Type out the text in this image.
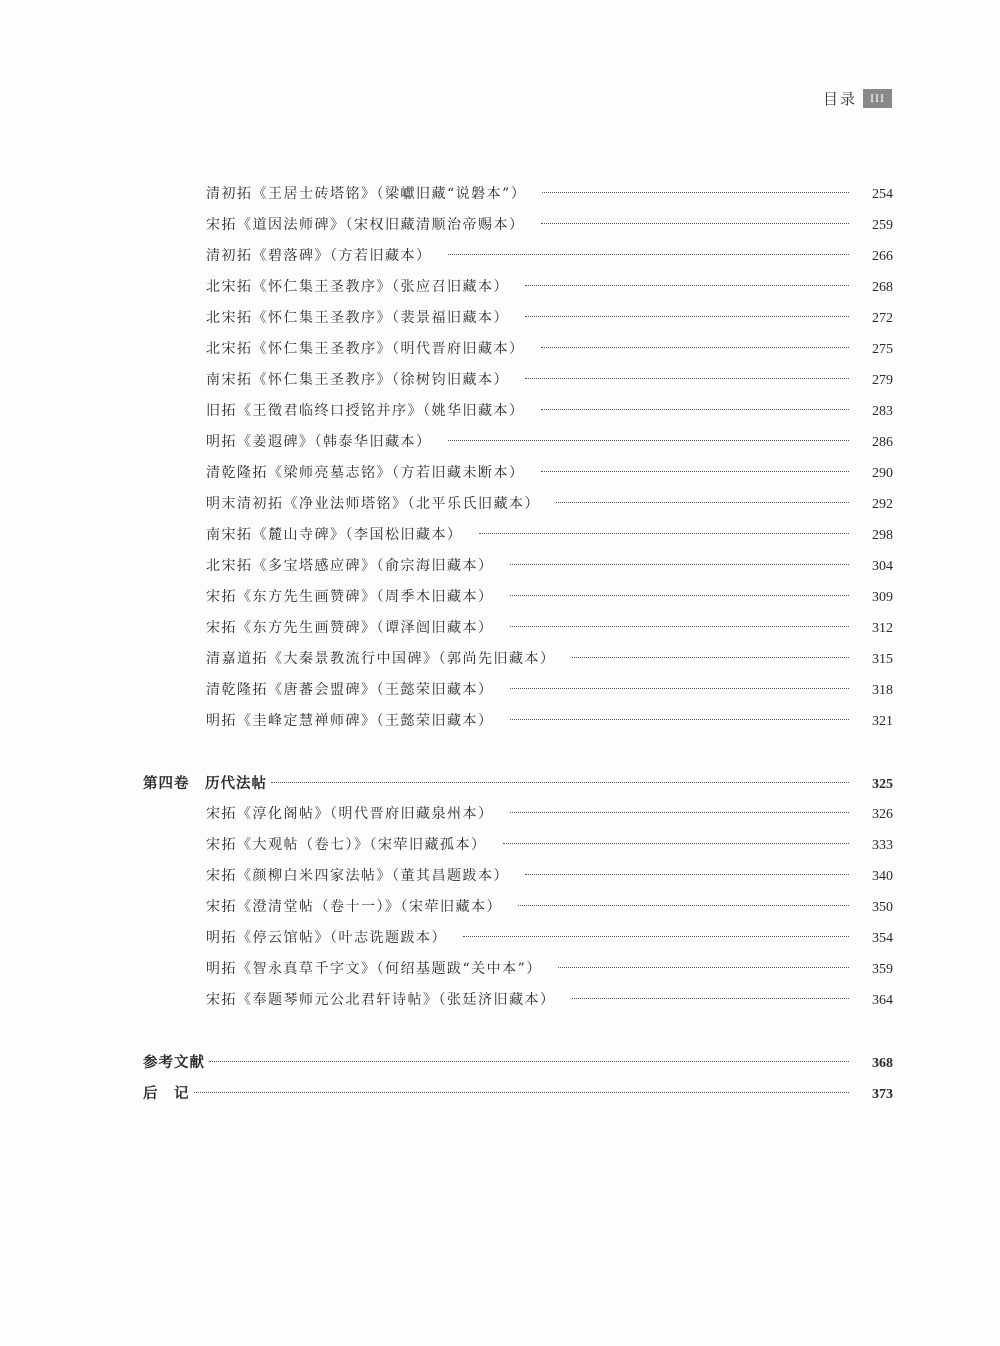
目录	III
清初拓《王居士砖塔铭》（梁巘旧藏“说磐本”）	254
宋拓《道因法师碑》（宋权旧藏清顺治帝赐本）	259
清初拓《碧落碑》（方若旧藏本）	266
北宋拓《怀仁集王圣教序》（张应召旧藏本）	268
北宋拓《怀仁集王圣教序》（裴景福旧藏本）	272
北宋拓《怀仁集王圣教序》（明代晋府旧藏本）	275
南宋拓《怀仁集王圣教序》（徐树钧旧藏本）	279
旧拓《王徵君临终口授铭并序》（姚华旧藏本）	283
明拓《姜遐碑》（韩泰华旧藏本）	286
清乾隆拓《梁师亮墓志铭》（方若旧藏未断本）	290
明末清初拓《净业法师塔铭》（北平乐氏旧藏本）	292
南宋拓《麓山寺碑》（李国松旧藏本）	298
北宋拓《多宝塔感应碑》（俞宗海旧藏本）	304
宋拓《东方先生画赞碑》（周季木旧藏本）	309
宋拓《东方先生画赞碑》（谭泽闿旧藏本）	312
清嘉道拓《大秦景教流行中国碑》（郭尚先旧藏本）	315
清乾隆拓《唐蕃会盟碑》（王懿荣旧藏本）	318
明拓《圭峰定慧禅师碑》（王懿荣旧藏本）	321
第四卷　历代法帖	325
宋拓《淳化阁帖》（明代晋府旧藏泉州本）	326
宋拓《大观帖（卷七）》（宋荦旧藏孤本）	333
宋拓《颜柳白米四家法帖》（董其昌题跋本）	340
宋拓《澄清堂帖（卷十一）》（宋荦旧藏本）	350
明拓《停云馆帖》（叶志诜题跋本）	354
明拓《智永真草千字文》（何绍基题跋“关中本”）	359
宋拓《奉题琴师元公北君轩诗帖》（张廷济旧藏本）	364
参考文献	368
后　记	373
